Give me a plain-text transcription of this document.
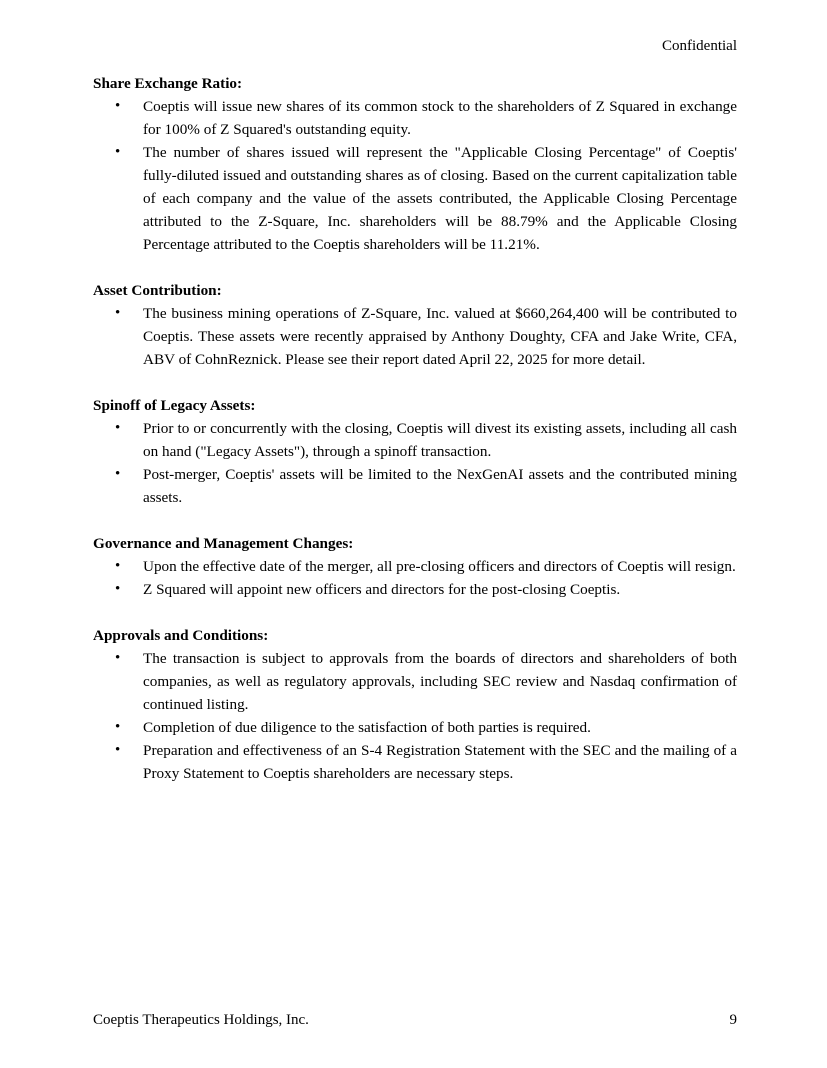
Confidential
Share Exchange Ratio:
• Coeptis will issue new shares of its common stock to the shareholders of Z Squared in exchange for 100% of Z Squared's outstanding equity.
• The number of shares issued will represent the "Applicable Closing Percentage" of Coeptis' fully-diluted issued and outstanding shares as of closing. Based on the current capitalization table of each company and the value of the assets contributed, the Applicable Closing Percentage attributed to the Z-Square, Inc. shareholders will be 88.79% and the Applicable Closing Percentage attributed to the Coeptis shareholders will be 11.21%.
Asset Contribution:
• The business mining operations of Z-Square, Inc. valued at $660,264,400 will be contributed to Coeptis. These assets were recently appraised by Anthony Doughty, CFA and Jake Write, CFA, ABV of CohnReznick. Please see their report dated April 22, 2025 for more detail.
Spinoff of Legacy Assets:
• Prior to or concurrently with the closing, Coeptis will divest its existing assets, including all cash on hand ("Legacy Assets"), through a spinoff transaction.
• Post-merger, Coeptis' assets will be limited to the NexGenAI assets and the contributed mining assets.
Governance and Management Changes:
• Upon the effective date of the merger, all pre-closing officers and directors of Coeptis will resign.
• Z Squared will appoint new officers and directors for the post-closing Coeptis.
Approvals and Conditions:
• The transaction is subject to approvals from the boards of directors and shareholders of both companies, as well as regulatory approvals, including SEC review and Nasdaq confirmation of continued listing.
• Completion of due diligence to the satisfaction of both parties is required.
• Preparation and effectiveness of an S-4 Registration Statement with the SEC and the mailing of a Proxy Statement to Coeptis shareholders are necessary steps.
Coeptis Therapeutics Holdings, Inc.	9
